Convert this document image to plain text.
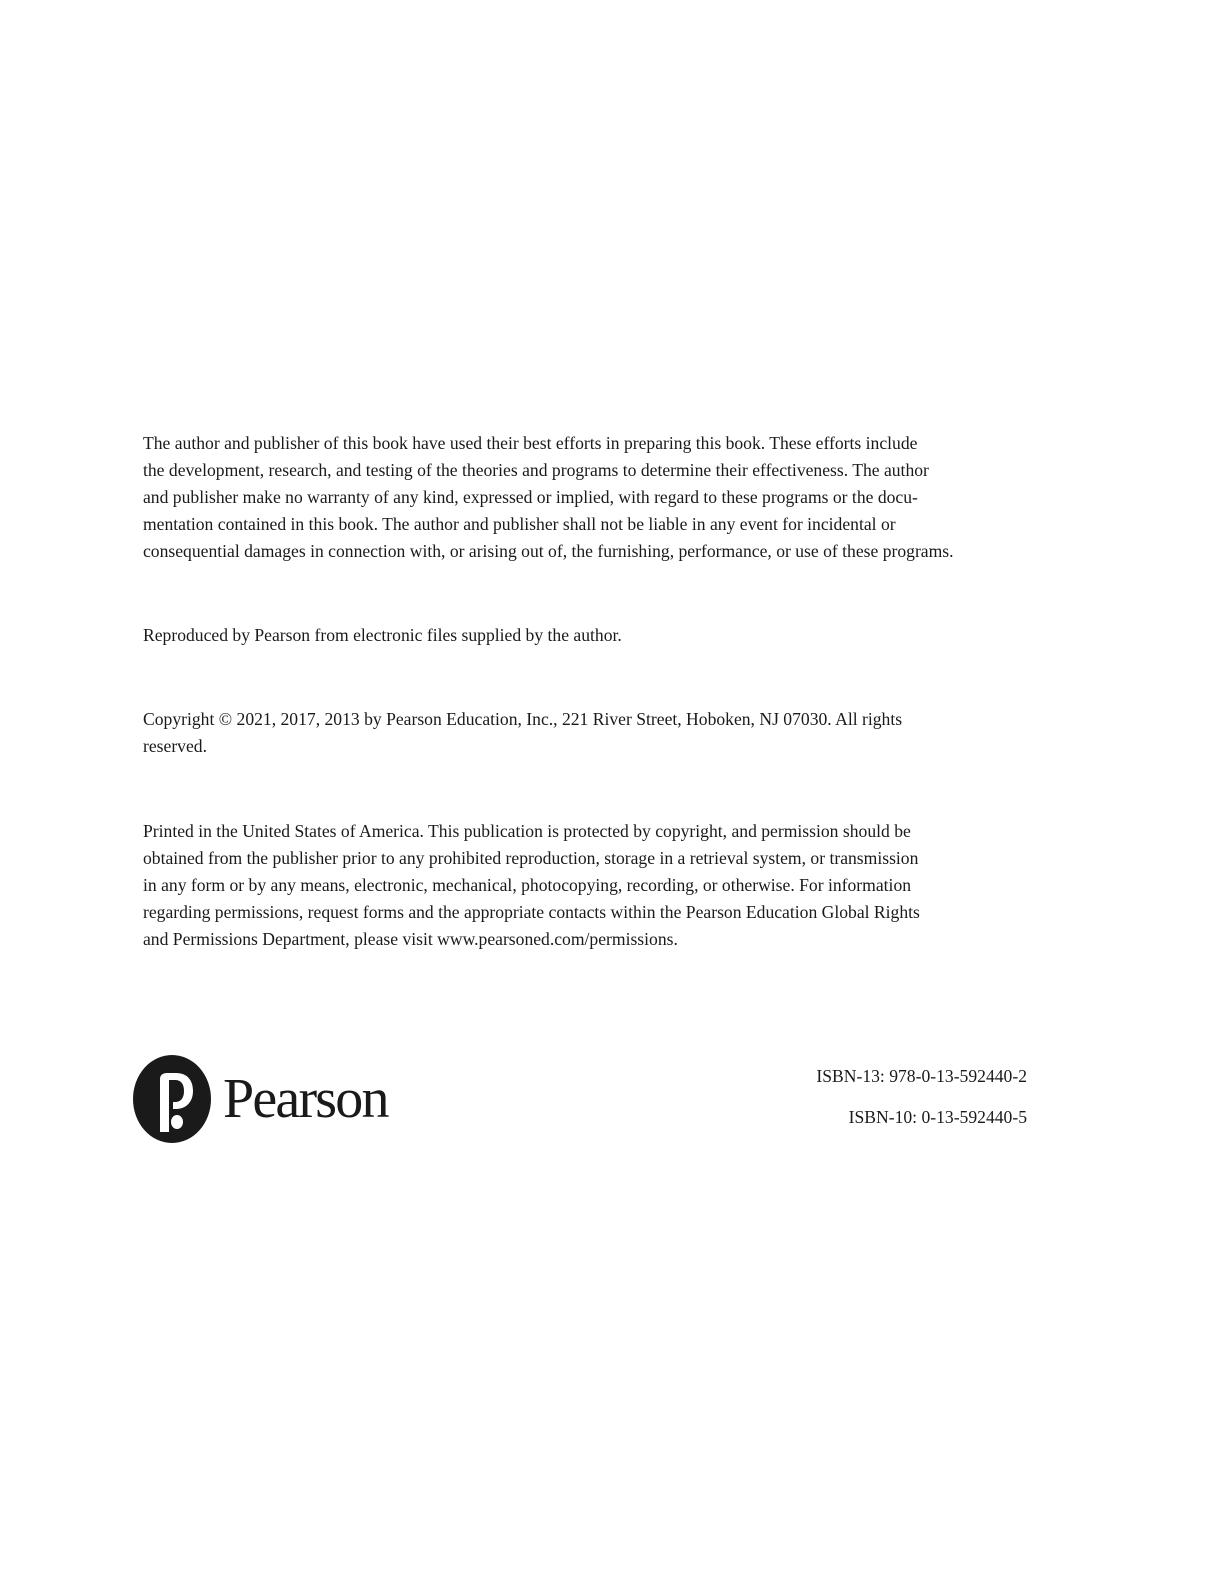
The author and publisher of this book have used their best efforts in preparing this book. These efforts include
the development, research, and testing of the theories and programs to determine their effectiveness. The author
and publisher make no warranty of any kind, expressed or implied, with regard to these programs or the docu-
mentation contained in this book. The author and publisher shall not be liable in any event for incidental or
consequential damages in connection with, or arising out of, the furnishing, performance, or use of these programs.

Reproduced by Pearson from electronic files supplied by the author.

Copyright © 2021, 2017, 2013 by Pearson Education, Inc., 221 River Street, Hoboken, NJ 07030. All rights
reserved.

Printed in the United States of America. This publication is protected by copyright, and permission should be
obtained from the publisher prior to any prohibited reproduction, storage in a retrieval system, or transmission
in any form or by any means, electronic, mechanical, photocopying, recording, or otherwise. For information
regarding permissions, request forms and the appropriate contacts within the Pearson Education Global Rights
and Permissions Department, please visit www.pearsoned.com/permissions.

Pearson	ISBN-13: 978-0-13-592440-2
ISBN-10: 0-13-592440-5
